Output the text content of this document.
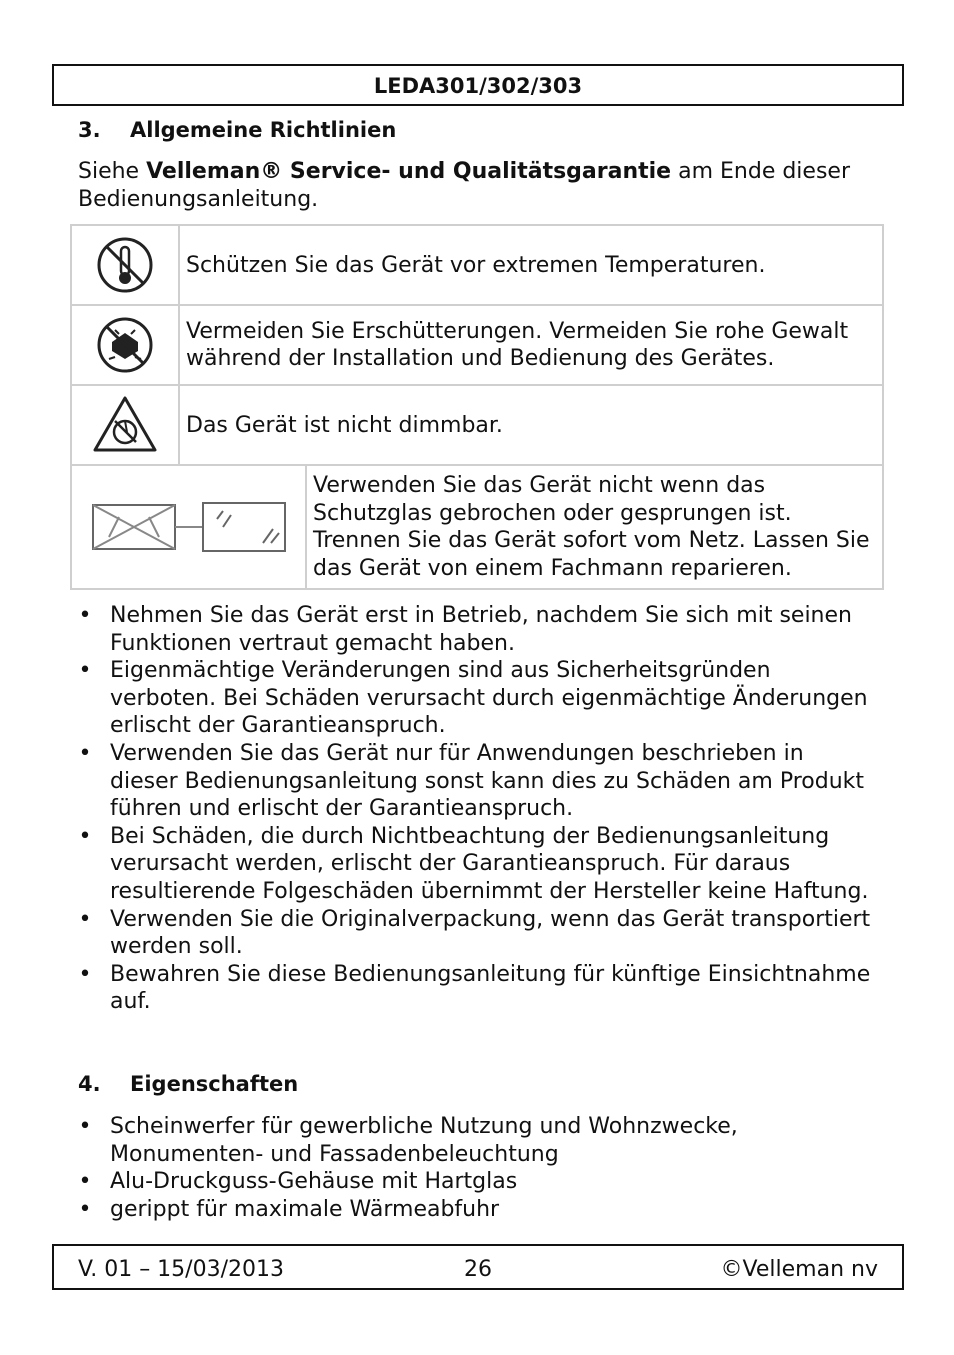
LEDA301/302/303
3. Allgemeine Richtlinien
Siehe Velleman® Service- und Qualitätsgarantie am Ende dieser Bedienungsanleitung.
	Schützen Sie das Gerät vor extremen Temperaturen.

	Vermeiden Sie Erschütterungen. Vermeiden Sie rohe Gewalt während der Installation und Bedienung des Gerätes.

	Das Gerät ist nicht dimmbar.

Verwenden Sie das Gerät nicht wenn das Schutzglas gebrochen oder gesprungen ist. Trennen Sie das Gerät sofort vom Netz. Lassen Sie das Gerät von einem Fachmann reparieren.	
• Nehmen Sie das Gerät erst in Betrieb, nachdem Sie sich mit seinen Funktionen vertraut gemacht haben.
• Eigenmächtige Veränderungen sind aus Sicherheitsgründen verboten. Bei Schäden verursacht durch eigenmächtige Änderungen erlischt der Garantieanspruch.
• Verwenden Sie das Gerät nur für Anwendungen beschrieben in dieser Bedienungsanleitung sonst kann dies zu Schäden am Produkt führen und erlischt der Garantieanspruch.
• Bei Schäden, die durch Nichtbeachtung der Bedienungsanleitung verursacht werden, erlischt der Garantieanspruch. Für daraus resultierende Folgeschäden übernimmt der Hersteller keine Haftung.
• Verwenden Sie die Originalverpackung, wenn das Gerät transportiert werden soll.
• Bewahren Sie diese Bedienungsanleitung für künftige Einsichtnahme auf.
4. Eigenschaften
• Scheinwerfer für gewerbliche Nutzung und Wohnzwecke, Monumenten- und Fassadenbeleuchtung
• Alu-Druckguss-Gehäuse mit Hartglas
• gerippt für maximale Wärmeabfuhr
V. 01 – 15/03/2013	26	©Velleman nv
